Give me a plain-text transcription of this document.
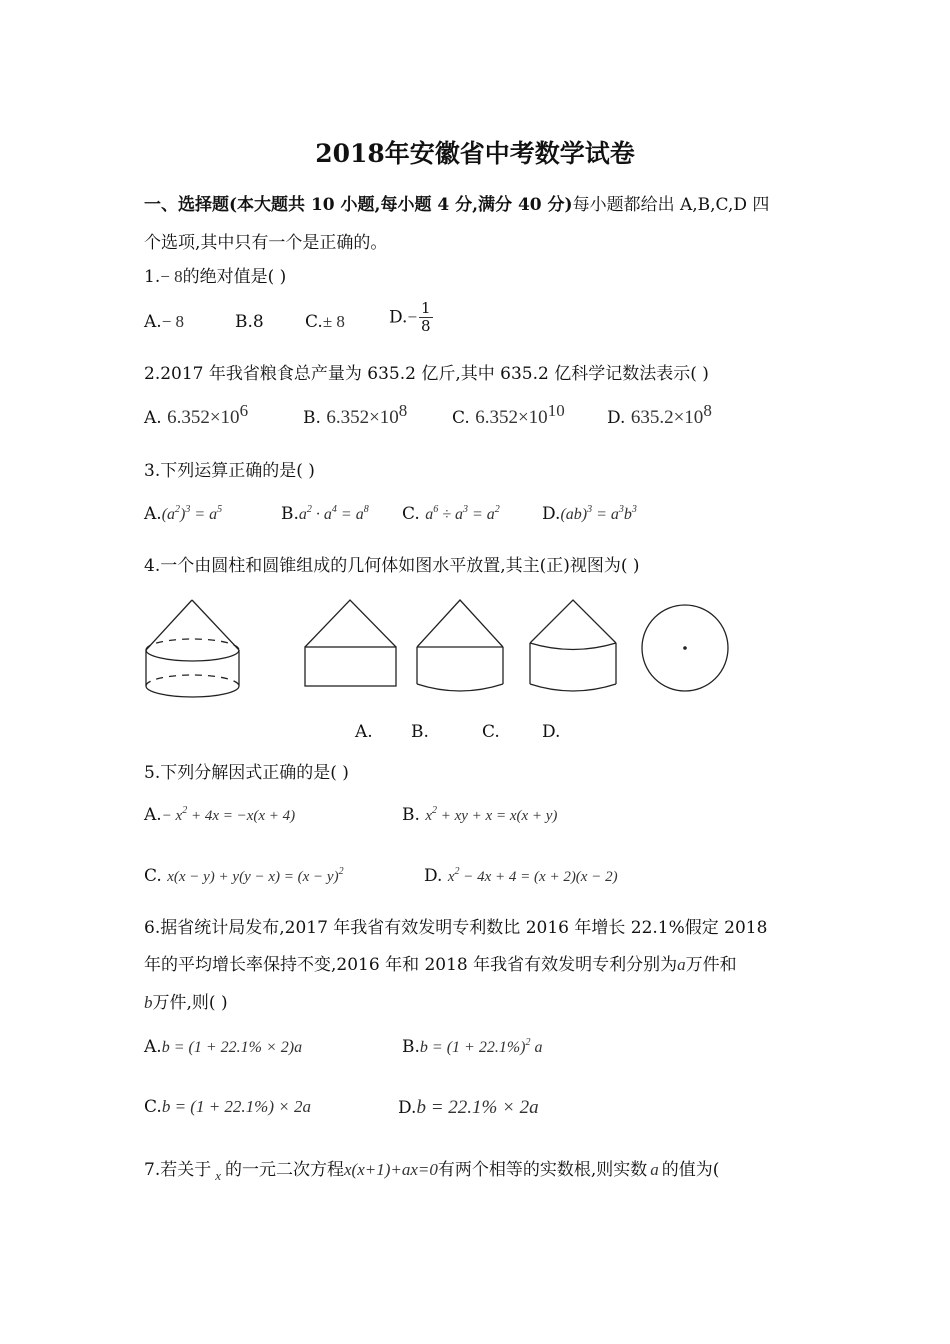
2018年安徽省中考数学试卷
一、选择题(本大题共 10 小题,每小题 4 分,满分 40 分)每小题都给出 A,B,C,D 四
个选项,其中只有一个是正确的。
1.− 8的绝对值是( )
A.− 8	B.8 C.± 8	$D.- \frac{1}{8}$
2.2017 年我省粮食总产量为 635.2 亿斤,其中 635.2 亿科学记数法表示( )
A. $6.352\times 10^6$	B. $6.352\times 10^8$	C. $6.352\times 10^{10}$ D. $635.2\times 10^8$
3.下列运算正确的是( )
$A.(a^2)^3 = a^5$	$B.a^2 \cdot a^4 = a^8$ C. $a^6 \div a^3 = a^2$ $D.(ab)^3 = a^3b^3$
4.一个由圆柱和圆锥组成的几何体如图水平放置,其主(正)视图为( )
A. B.	C. D.
5.下列分解因式正确的是( )
$A.- x^2 + 4x = -x(x + 4)$	B. $x^2$ + xy + x = x(x + y)
C. $x(x - y) + y(y - x) = (x - y)^2$	D. $x^2 - 4x + 4 = (x + 2)(x - 2)$
6.据省统计局发布,2017 年我省有效发明专利数比 2016 年增长 22.1%假定 2018
年的平均增长率保持不变,2016 年和 2018 年我省有效发明专利分别为a万件和
b万件,则( )
A.b = (1 + 22.1% × 2)a	$B.b = (1 + 22.1\%)^2$ a
C.b = (1 + 22.1%) × 2a	D.b = 22.1% × 2a
7.若关于 $_x$ 的一元二次方程x(x+1)+ax=0有两个相等的实数根,则实数 a 的值为(
